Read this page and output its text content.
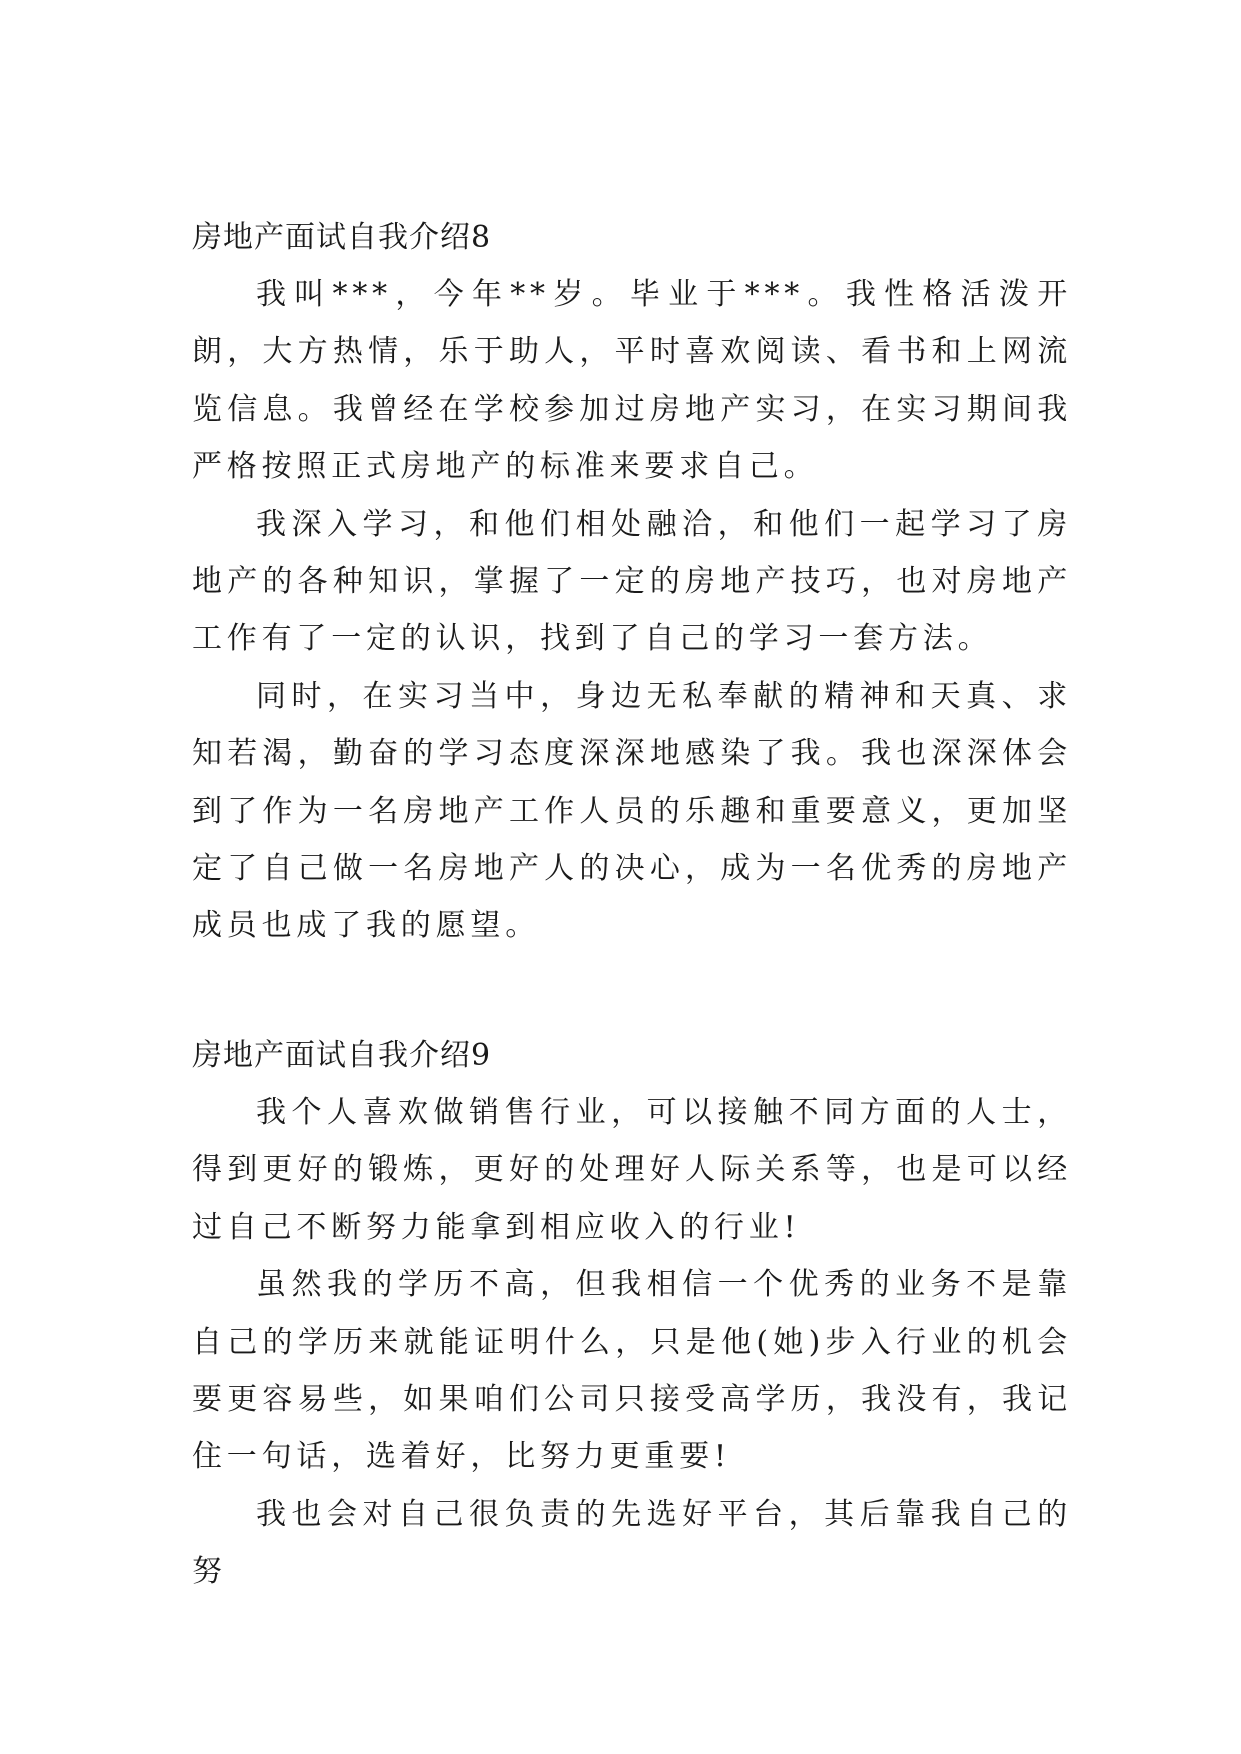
房地产面试自我介绍8

我叫***，今年**岁。毕业于***。我性格活泼开朗，大方热情，乐于助人，平时喜欢阅读、看书和上网流览信息。我曾经在学校参加过房地产实习，在实习期间我严格按照正式房地产的标准来要求自己。

我深入学习，和他们相处融洽，和他们一起学习了房地产的各种知识，掌握了一定的房地产技巧，也对房地产工作有了一定的认识，找到了自己的学习一套方法。

同时，在实习当中，身边无私奉献的精神和天真、求知若渴，勤奋的学习态度深深地感染了我。我也深深体会到了作为一名房地产工作人员的乐趣和重要意义，更加坚定了自己做一名房地产人的决心，成为一名优秀的房地产成员也成了我的愿望。

房地产面试自我介绍9

我个人喜欢做销售行业，可以接触不同方面的人士，得到更好的锻炼，更好的处理好人际关系等，也是可以经过自己不断努力能拿到相应收入的行业!

虽然我的学历不高，但我相信一个优秀的业务不是靠自己的学历来就能证明什么，只是他(她)步入行业的机会要更容易些，如果咱们公司只接受高学历，我没有，我记住一句话，选着好，比努力更重要!

我也会对自己很负责的先选好平台，其后靠我自己的努
